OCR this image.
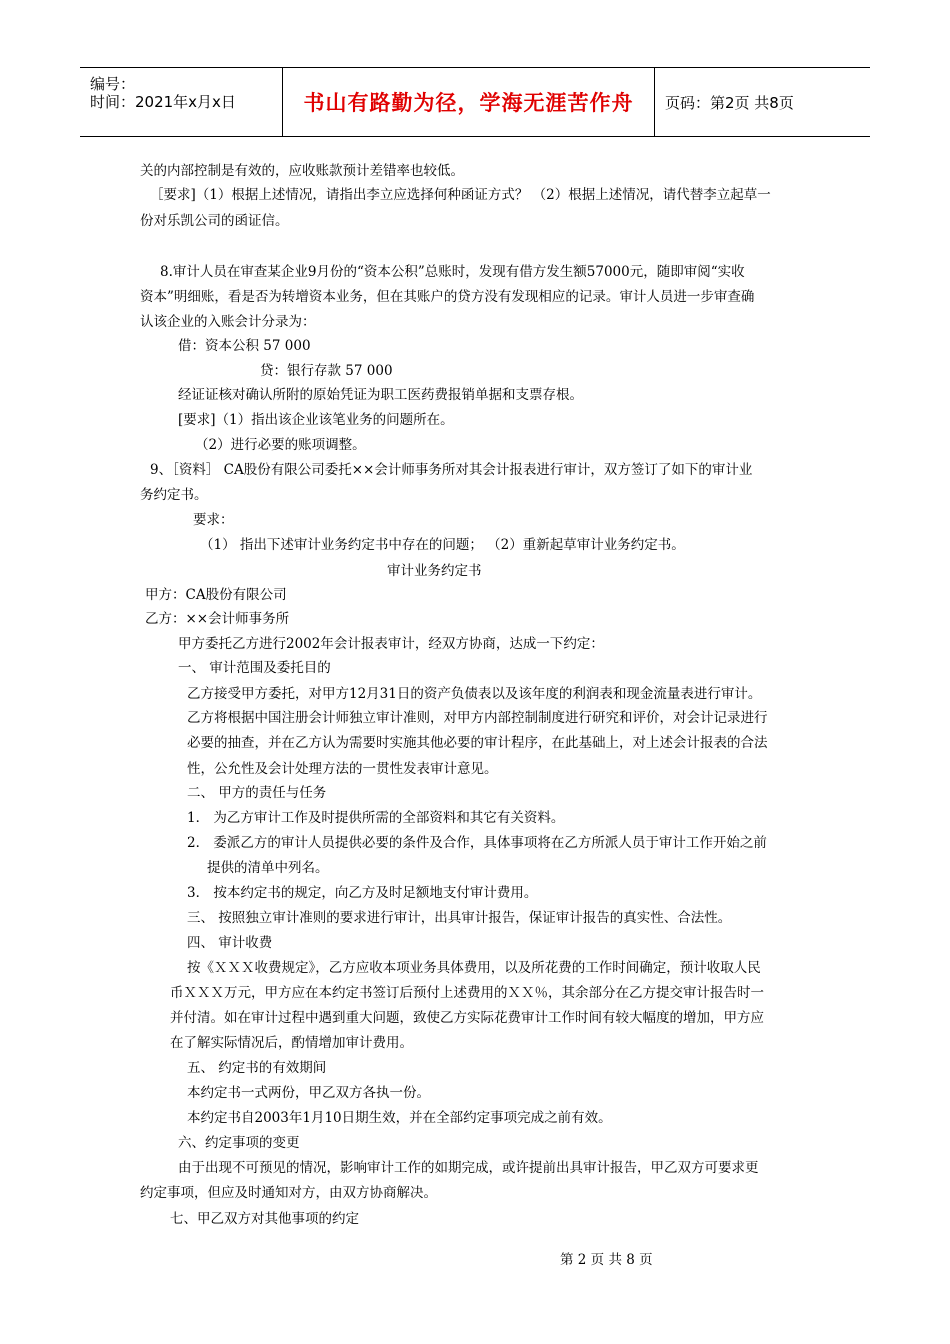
编号：
时间：2021年x月x日	书山有路勤为径，学海无涯苦作舟	页码：第2页 共8页
关的内部控制是有效的，应收账款预计差错率也较低。
［要求]（1）根据上述情况，请指出李立应选择何种函证方式？ （2）根据上述情况，请代替李立起草一
份对乐凯公司的函证信。
8.审计人员在审查某企业9月份的“资本公积”总账时，发现有借方发生额57000元，随即审阅“实收
资本”明细账，看是否为转增资本业务，但在其账户的贷方没有发现相应的记录。审计人员进一步审查确
认该企业的入账会计分录为：
借：资本公积 57 000
贷：银行存款 57 000
经证证核对确认所附的原始凭证为职工医药费报销单据和支票存根。
[要求]（1）指出该企业该笔业务的问题所在。
（2）进行必要的账项调整。
9、［资料］ CA股份有限公司委托××会计师事务所对其会计报表进行审计，双方签订了如下的审计业
务约定书。
要求：
（1） 指出下述审计业务约定书中存在的问题； （2）重新起草审计业务约定书。
审计业务约定书
甲方：CA股份有限公司
乙方：××会计师事务所
甲方委托乙方进行2002年会计报表审计，经双方协商，达成一下约定：
一、 审计范围及委托目的
乙方接受甲方委托，对甲方12月31日的资产负债表以及该年度的利润表和现金流量表进行审计。
乙方将根据中国注册会计师独立审计准则，对甲方内部控制制度进行研究和评价，对会计记录进行
必要的抽查，并在乙方认为需要时实施其他必要的审计程序，在此基础上，对上述会计报表的合法
性，公允性及会计处理方法的一贯性发表审计意见。
二、 甲方的责任与任务
1． 为乙方审计工作及时提供所需的全部资料和其它有关资料。
2． 委派乙方的审计人员提供必要的条件及合作，具体事项将在乙方所派人员于审计工作开始之前
提供的清单中列名。
3． 按本约定书的规定，向乙方及时足额地支付审计费用。
三、 按照独立审计准则的要求进行审计，出具审计报告，保证审计报告的真实性、合法性。
四、 审计收费
按《ＸＸＸ收费规定》，乙方应收本项业务具体费用，以及所花费的工作时间确定，预计收取人民
币ＸＸＸ万元，甲方应在本约定书签订后预付上述费用的ＸＸ％，其余部分在乙方提交审计报告时一
并付清。如在审计过程中遇到重大问题，致使乙方实际花费审计工作时间有较大幅度的增加，甲方应
在了解实际情况后，酌情增加审计费用。
五、 约定书的有效期间
本约定书一式两份，甲乙双方各执一份。
本约定书自2003年1月10日期生效，并在全部约定事项完成之前有效。
六、约定事项的变更
由于出现不可预见的情况，影响审计工作的如期完成，或许提前出具审计报告，甲乙双方可要求更
约定事项，但应及时通知对方，由双方协商解决。
七、甲乙双方对其他事项的约定
第 2 页 共 8 页
